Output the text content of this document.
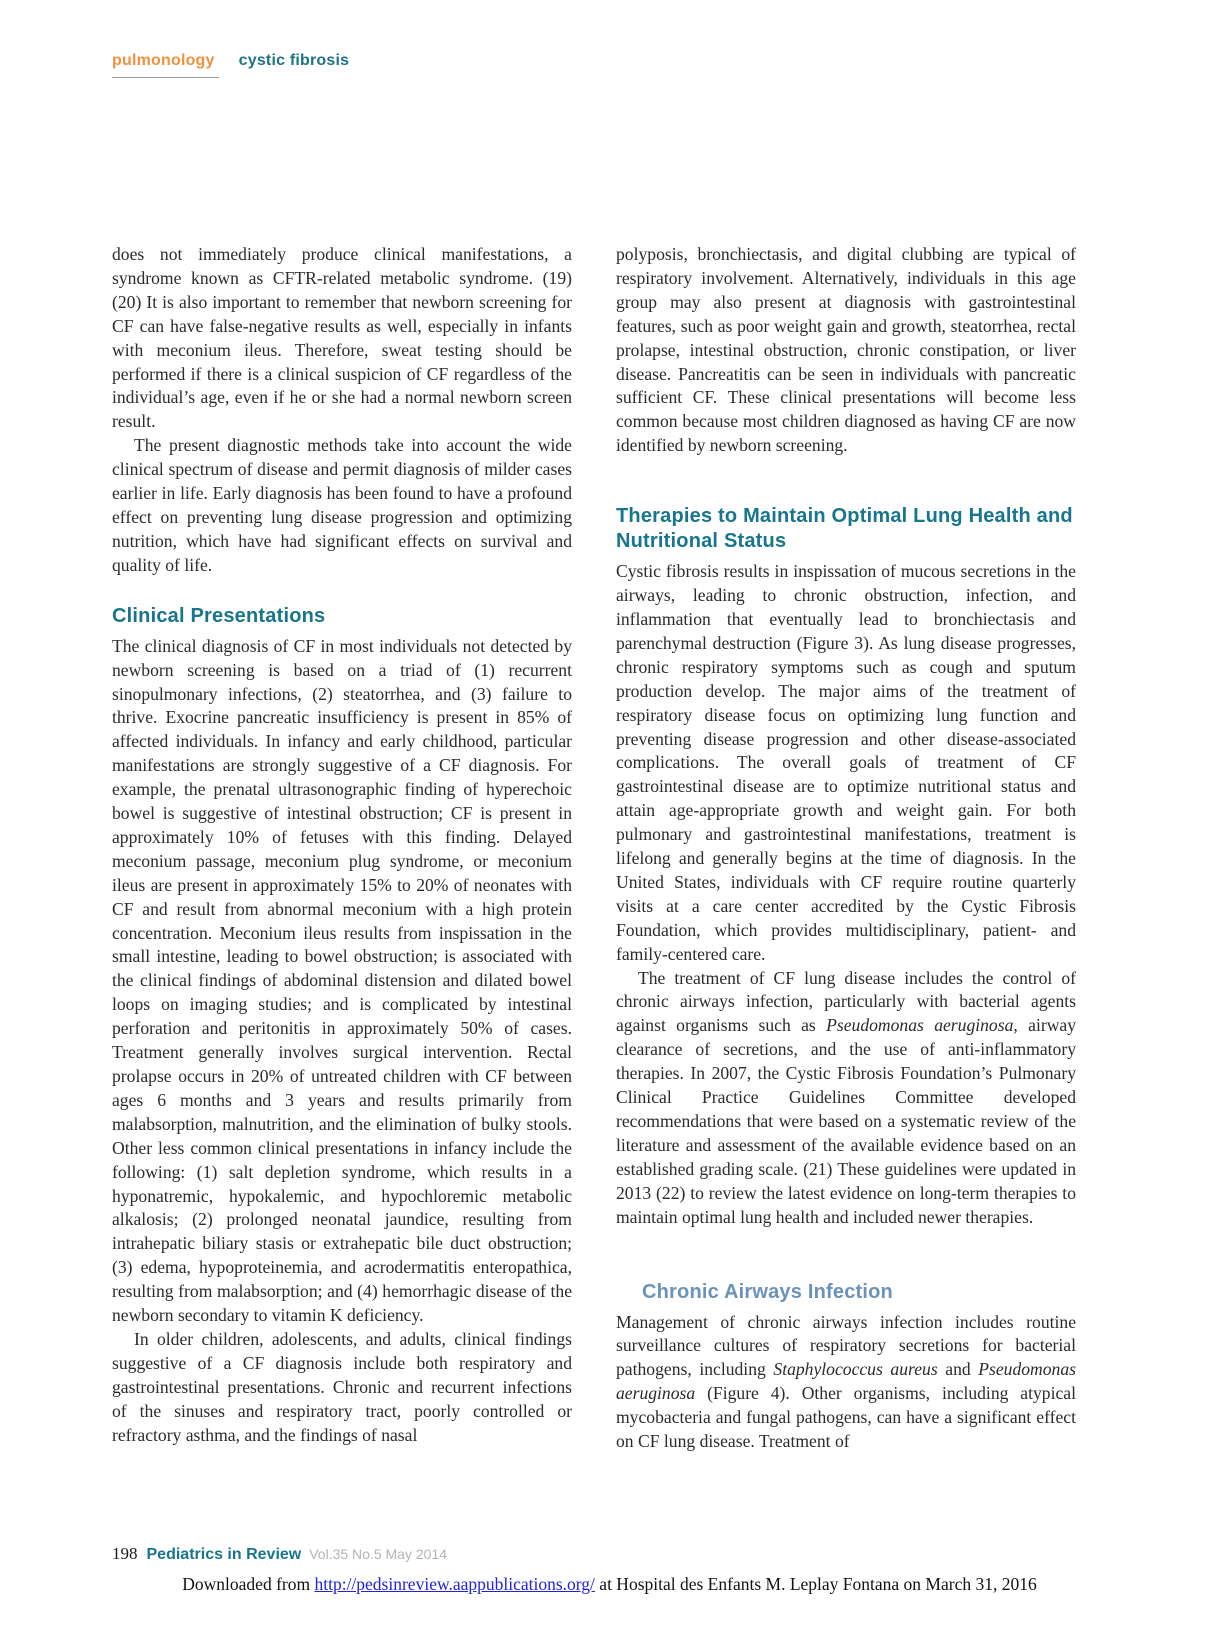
pulmonology cystic fibrosis

does not immediately produce clinical manifestations, a syndrome known as CFTR-related metabolic syndrome. (19) (20) It is also important to remember that newborn screening for CF can have false-negative results as well, especially in infants with meconium ileus. Therefore, sweat testing should be performed if there is a clinical suspicion of CF regardless of the individual’s age, even if he or she had a normal newborn screen result.

The present diagnostic methods take into account the wide clinical spectrum of disease and permit diagnosis of milder cases earlier in life. Early diagnosis has been found to have a profound effect on preventing lung disease progression and optimizing nutrition, which have had significant effects on survival and quality of life.

Clinical Presentations

The clinical diagnosis of CF in most individuals not detected by newborn screening is based on a triad of (1) recurrent sinopulmonary infections, (2) steatorrhea, and (3) failure to thrive. Exocrine pancreatic insufficiency is present in 85% of affected individuals. In infancy and early childhood, particular manifestations are strongly suggestive of a CF diagnosis. For example, the prenatal ultrasonographic finding of hyperechoic bowel is suggestive of intestinal obstruction; CF is present in approximately 10% of fetuses with this finding. Delayed meconium passage, meconium plug syndrome, or meconium ileus are present in approximately 15% to 20% of neonates with CF and result from abnormal meconium with a high protein concentration. Meconium ileus results from inspissation in the small intestine, leading to bowel obstruction; is associated with the clinical findings of abdominal distension and dilated bowel loops on imaging studies; and is complicated by intestinal perforation and peritonitis in approximately 50% of cases. Treatment generally involves surgical intervention. Rectal prolapse occurs in 20% of untreated children with CF between ages 6 months and 3 years and results primarily from malabsorption, malnutrition, and the elimination of bulky stools. Other less common clinical presentations in infancy include the following: (1) salt depletion syndrome, which results in a hyponatremic, hypokalemic, and hypochloremic metabolic alkalosis; (2) prolonged neonatal jaundice, resulting from intrahepatic biliary stasis or extrahepatic bile duct obstruction; (3) edema, hypoproteinemia, and acrodermatitis enteropathica, resulting from malabsorption; and (4) hemorrhagic disease of the newborn secondary to vitamin K deficiency.

In older children, adolescents, and adults, clinical findings suggestive of a CF diagnosis include both respiratory and gastrointestinal presentations. Chronic and recurrent infections of the sinuses and respiratory tract, poorly controlled or refractory asthma, and the findings of nasal

polyposis, bronchiectasis, and digital clubbing are typical of respiratory involvement. Alternatively, individuals in this age group may also present at diagnosis with gastrointestinal features, such as poor weight gain and growth, steatorrhea, rectal prolapse, intestinal obstruction, chronic constipation, or liver disease. Pancreatitis can be seen in individuals with pancreatic sufficient CF. These clinical presentations will become less common because most children diagnosed as having CF are now identified by newborn screening.

Therapies to Maintain Optimal Lung Health and Nutritional Status

Cystic fibrosis results in inspissation of mucous secretions in the airways, leading to chronic obstruction, infection, and inflammation that eventually lead to bronchiectasis and parenchymal destruction (Figure 3). As lung disease progresses, chronic respiratory symptoms such as cough and sputum production develop. The major aims of the treatment of respiratory disease focus on optimizing lung function and preventing disease progression and other disease-associated complications. The overall goals of treatment of CF gastrointestinal disease are to optimize nutritional status and attain age-appropriate growth and weight gain. For both pulmonary and gastrointestinal manifestations, treatment is lifelong and generally begins at the time of diagnosis. In the United States, individuals with CF require routine quarterly visits at a care center accredited by the Cystic Fibrosis Foundation, which provides multidisciplinary, patient- and family-centered care.

The treatment of CF lung disease includes the control of chronic airways infection, particularly with bacterial agents against organisms such as Pseudomonas aeruginosa, airway clearance of secretions, and the use of anti-inflammatory therapies. In 2007, the Cystic Fibrosis Foundation’s Pulmonary Clinical Practice Guidelines Committee developed recommendations that were based on a systematic review of the literature and assessment of the available evidence based on an established grading scale. (21) These guidelines were updated in 2013 (22) to review the latest evidence on long-term therapies to maintain optimal lung health and included newer therapies.

Chronic Airways Infection

Management of chronic airways infection includes routine surveillance cultures of respiratory secretions for bacterial pathogens, including Staphylococcus aureus and Pseudomonas aeruginosa (Figure 4). Other organisms, including atypical mycobacteria and fungal pathogens, can have a significant effect on CF lung disease. Treatment of

198 Pediatrics in Review Vol.35 No.5 May 2014
Downloaded from http://pedsinreview.aappublications.org/ at Hospital des Enfants M. Leplay Fontana on March 31, 2016
